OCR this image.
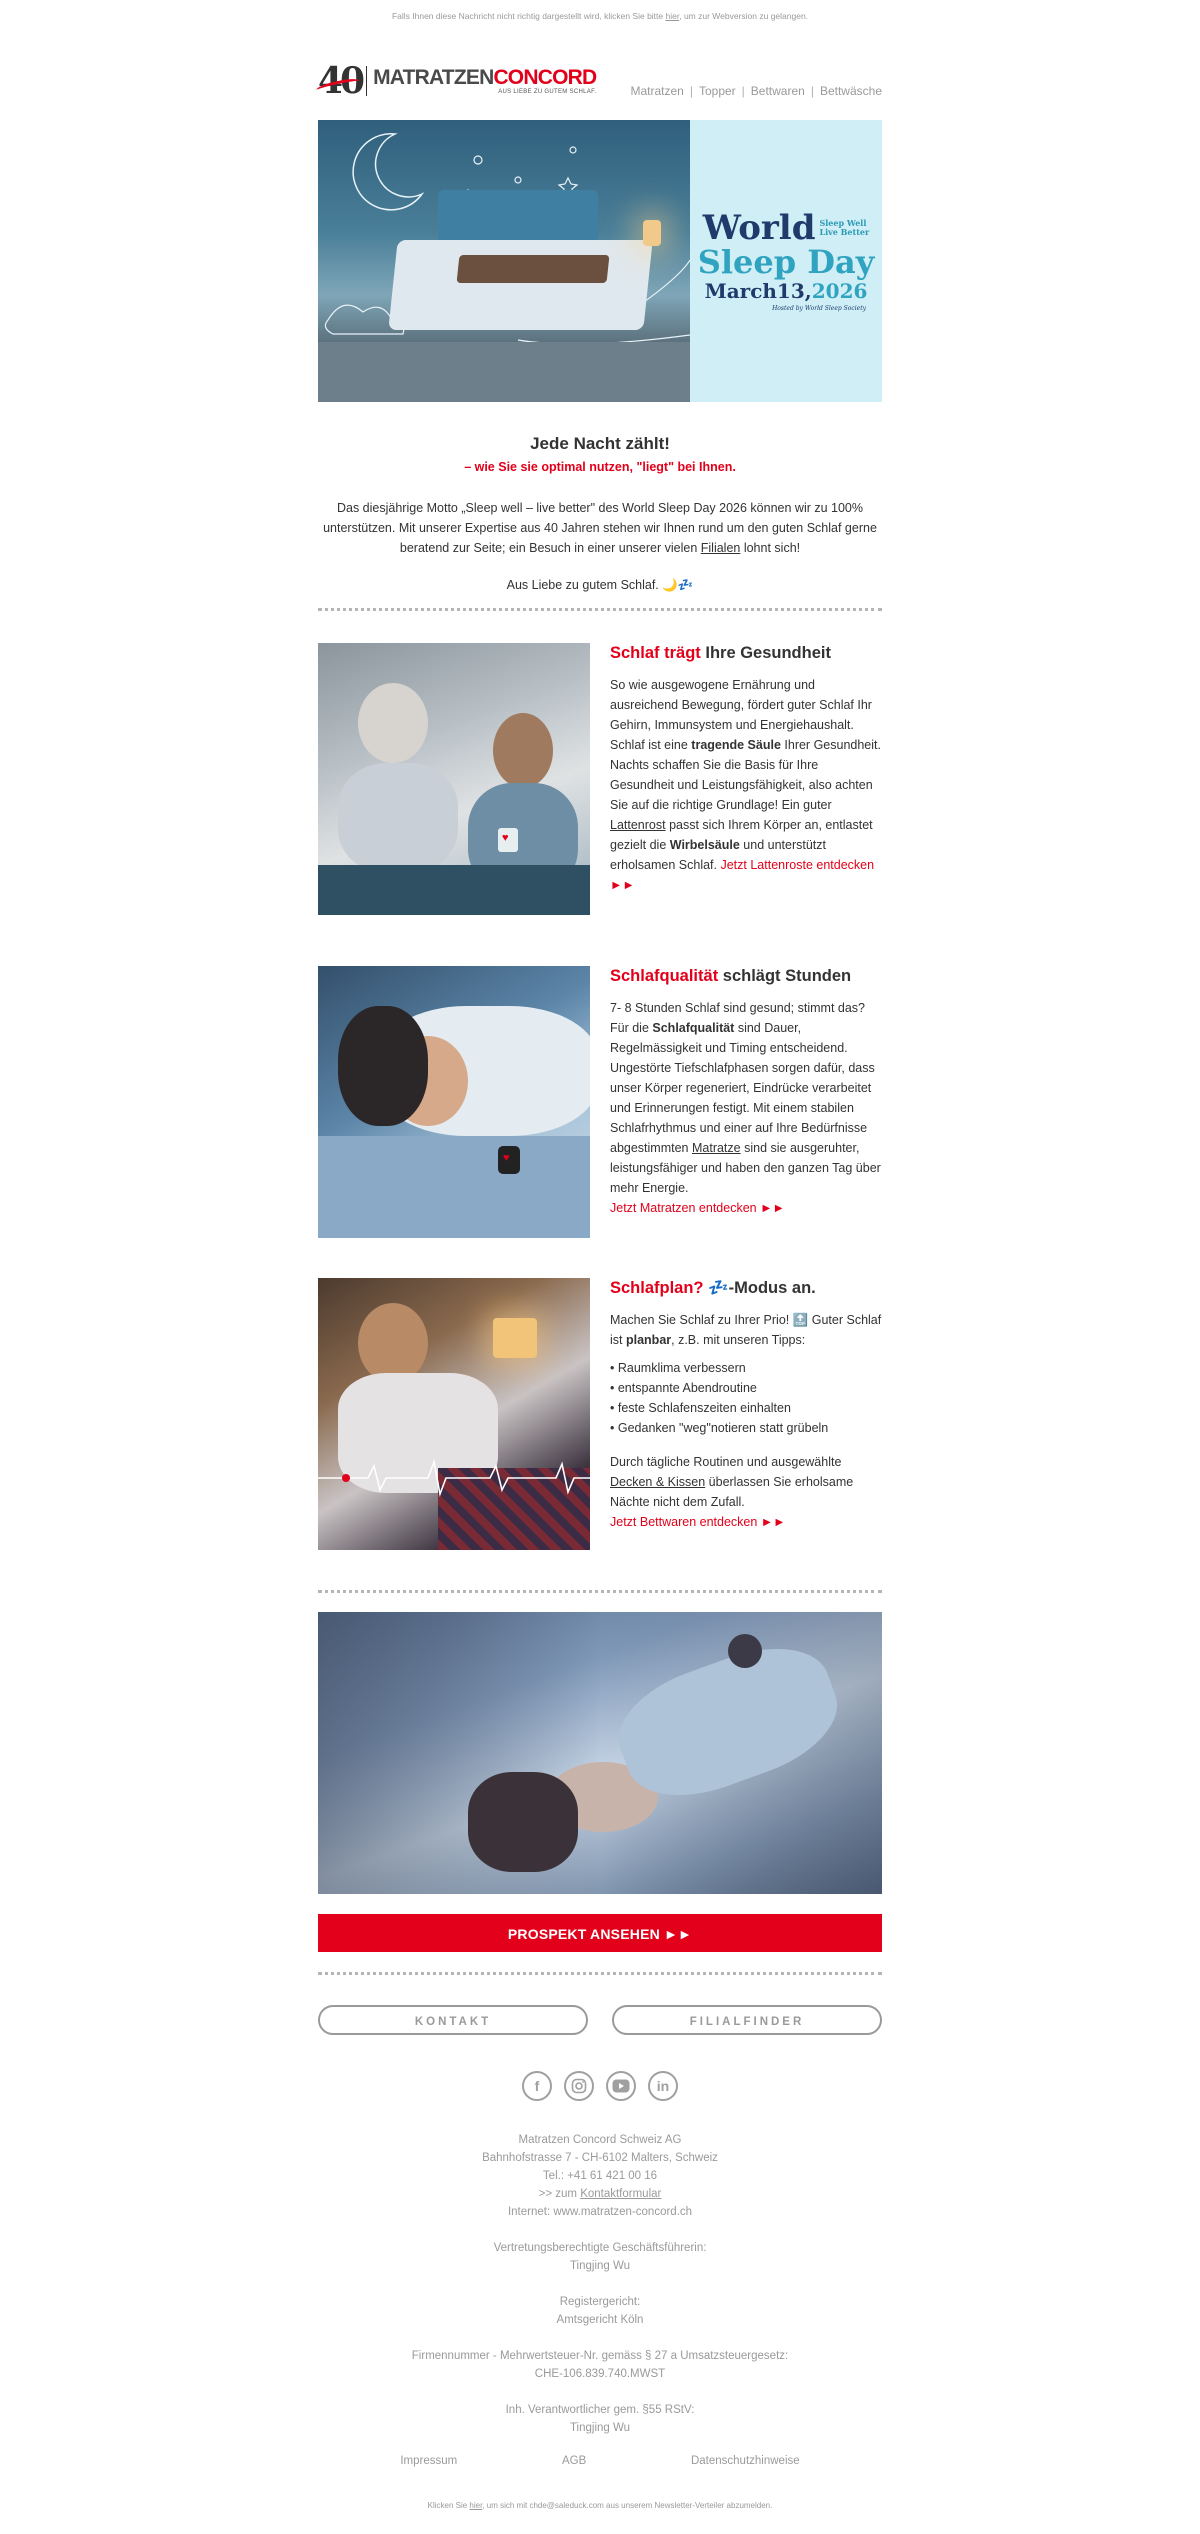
Falls Ihnen diese Nachricht nicht richtig dargestellt wird, klicken Sie bitte hier, um zur Webversion zu gelangen.
40 MATRATZENCONCORD
AUS LIEBE ZU GUTEM SCHLAF.	Matratzen | Topper | Bettwaren | Bettwäsche
World Sleep Well
Live Better
Sleep Day
March13,2026
Hosted by World Sleep Society
Jede Nacht zählt!
– wie Sie sie optimal nutzen, "liegt" bei Ihnen.

Das diesjährige Motto „Sleep well – live better" des World Sleep Day 2026 können wir zu 100% unterstützen. Mit unserer Expertise aus 40 Jahren stehen wir Ihnen rund um den guten Schlaf gerne beratend zur Seite; ein Besuch in einer unserer vielen Filialen lohnt sich!

Aus Liebe zu gutem Schlaf. 🌙💤
♥
Schlaf trägt Ihre Gesundheit

So wie ausgewogene Ernährung und ausreichend Bewegung, fördert guter Schlaf Ihr Gehirn, Immunsystem und Energiehaushalt. Schlaf ist eine tragende Säule Ihrer Gesundheit. Nachts schaffen Sie die Basis für Ihre Gesundheit und Leistungsfähigkeit, also achten Sie auf die richtige Grundlage! Ein guter Lattenrost passt sich Ihrem Körper an, entlastet gezielt die Wirbelsäule und unterstützt erholsamen Schlaf. Jetzt Lattenroste entdecken ►►

♥
Schlafqualität schlägt Stunden

7- 8 Stunden Schlaf sind gesund; stimmt das? Für die Schlafqualität sind Dauer, Regelmässigkeit und Timing entscheidend. Ungestörte Tiefschlafphasen sorgen dafür, dass unser Körper regeneriert, Eindrücke verarbeitet und Erinnerungen festigt. Mit einem stabilen Schlafrhythmus und einer auf Ihre Bedürfnisse abgestimmten Matratze sind sie ausgeruhter, leistungsfähiger und haben den ganzen Tag über mehr Energie.
Jetzt Matratzen entdecken ►►

Schlafplan? 💤-Modus an.

Machen Sie Schlaf zu Ihrer Prio! 🔝 Guter Schlaf ist planbar, z.B. mit unseren Tipps:

• Raumklima verbessern
• entspannte Abendroutine
• feste Schlafenszeiten einhalten
• Gedanken "weg"notieren statt grübeln

Durch tägliche Routinen und ausgewählte Decken & Kissen überlassen Sie erholsame Nächte nicht dem Zufall.
Jetzt Bettwaren entdecken ►►

PROSPEKT ANSEHEN ►►
KONTAKT	FILIALFINDER
f	in
Matratzen Concord Schweiz AG
Bahnhofstrasse 7 - CH-6102 Malters, Schweiz
Tel.: +41 61 421 00 16
>> zum Kontaktformular
Internet: www.matratzen-concord.ch
Vertretungsberechtigte Geschäftsführerin:
Tingjing Wu
Registergericht:
Amtsgericht Köln
Firmennummer - Mehrwertsteuer-Nr. gemäss § 27 a Umsatzsteuergesetz:
CHE-106.839.740.MWST
Inh. Verantwortlicher gem. §55 RStV:
Tingjing Wu
Impressum	AGB	Datenschutzhinweise
Klicken Sie hier, um sich mit chde@saleduck.com aus unserem Newsletter-Verteiler abzumelden.
